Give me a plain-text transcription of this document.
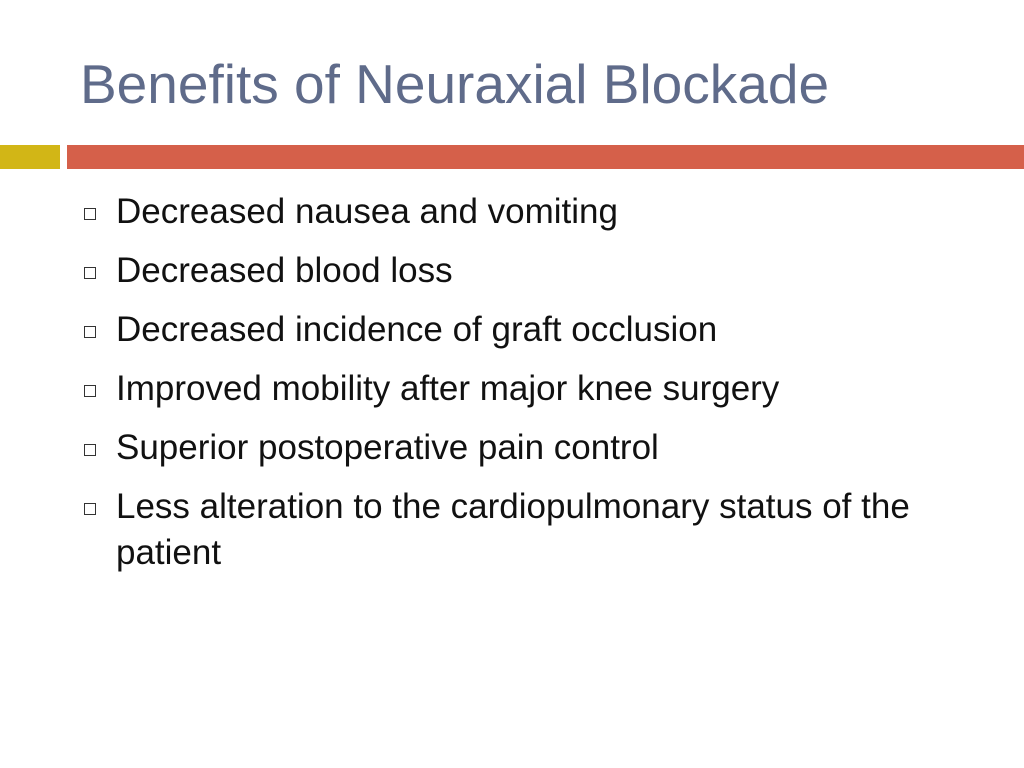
Benefits of Neuraxial Blockade
Decreased nausea and vomiting
Decreased blood loss
Decreased incidence of graft occlusion
Improved mobility after major knee surgery
Superior postoperative pain control
Less alteration to the cardiopulmonary status of the patient
